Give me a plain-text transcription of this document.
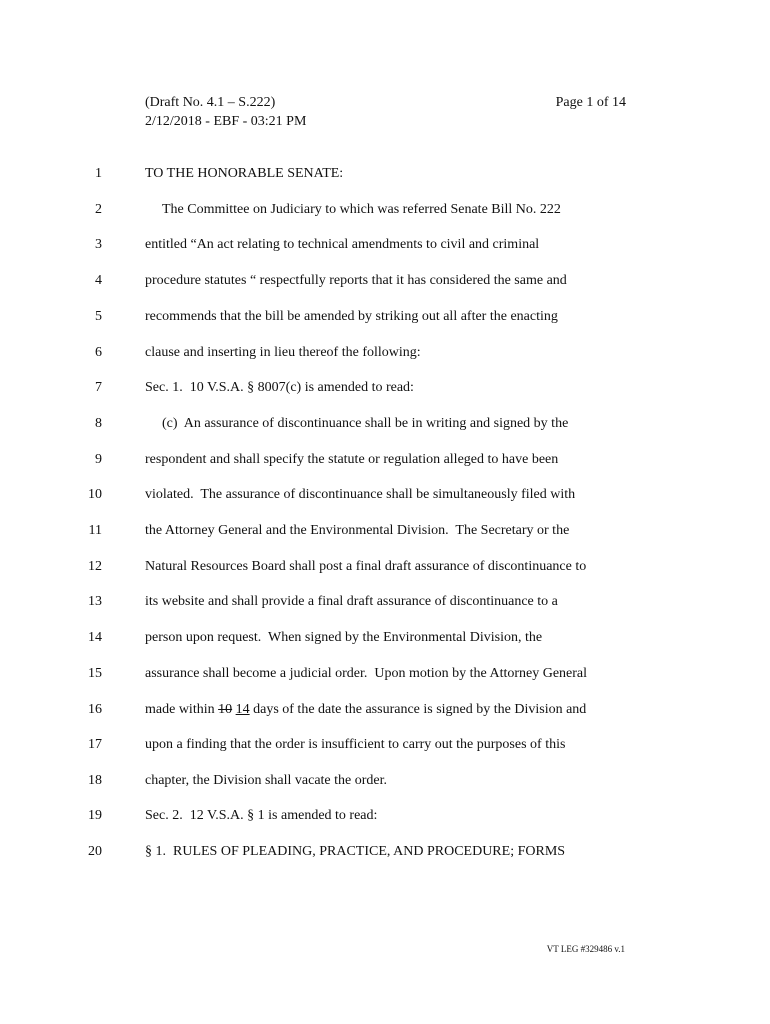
(Draft No. 4.1 – S.222)
2/12/2018 - EBF - 03:21 PM
Page 1 of 14
1	TO THE HONORABLE SENATE:
2	The Committee on Judiciary to which was referred Senate Bill No. 222
3	entitled “An act relating to technical amendments to civil and criminal
4	procedure statutes “ respectfully reports that it has considered the same and
5	recommends that the bill be amended by striking out all after the enacting
6	clause and inserting in lieu thereof the following:
7	Sec. 1.  10 V.S.A. § 8007(c) is amended to read:
8	(c)  An assurance of discontinuance shall be in writing and signed by the
9	respondent and shall specify the statute or regulation alleged to have been
10	violated.  The assurance of discontinuance shall be simultaneously filed with
11	the Attorney General and the Environmental Division.  The Secretary or the
12	Natural Resources Board shall post a final draft assurance of discontinuance to
13	its website and shall provide a final draft assurance of discontinuance to a
14	person upon request.  When signed by the Environmental Division, the
15	assurance shall become a judicial order.  Upon motion by the Attorney General
16	made within 10 14 days of the date the assurance is signed by the Division and
17	upon a finding that the order is insufficient to carry out the purposes of this
18	chapter, the Division shall vacate the order.
19	Sec. 2.  12 V.S.A. § 1 is amended to read:
20	§ 1.  RULES OF PLEADING, PRACTICE, AND PROCEDURE; FORMS
VT LEG #329486 v.1
